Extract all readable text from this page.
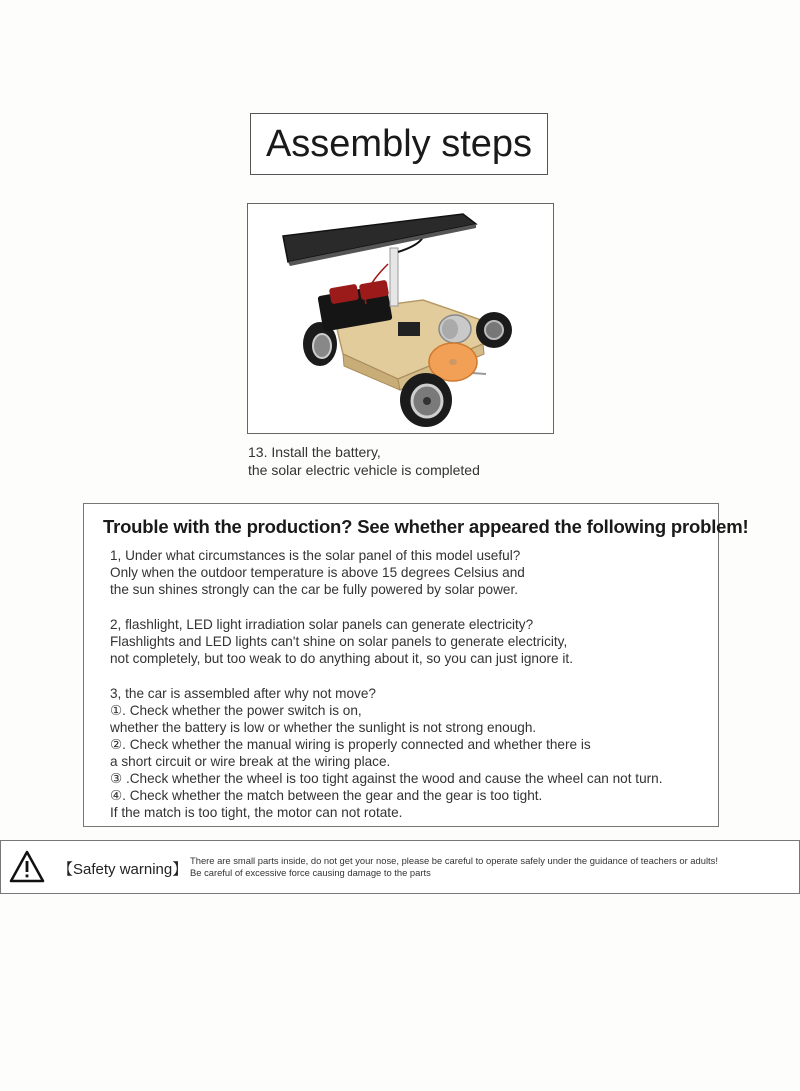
Assembly steps
13. Install the battery,
the solar electric vehicle is completed
Trouble with the production? See whether appeared the following problem!
1, Under what circumstances is the solar panel of this model useful?
Only when the outdoor temperature is above 15 degrees Celsius and
the sun shines strongly can the car be fully powered by solar power.
2, flashlight, LED light irradiation solar panels can generate electricity?
Flashlights and LED lights can't shine on solar panels to generate electricity,
not completely, but too weak to do anything about it, so you can just ignore it.
3, the car is assembled after why not move?
①. Check whether the power switch is on,
whether the battery is low or whether the sunlight is not strong enough.
②. Check whether the manual wiring is properly connected and whether there is
a short circuit or wire break at the wiring place.
③ .Check whether the wheel is too tight against the wood and cause the wheel can not turn.
④. Check whether the match between the gear and the gear is too tight.
If the match is too tight, the motor can not rotate.
【Safety warning】
There are small parts inside, do not get your nose, please be careful to operate safely under the guidance of teachers or adults!
Be careful of excessive force causing damage to the parts
